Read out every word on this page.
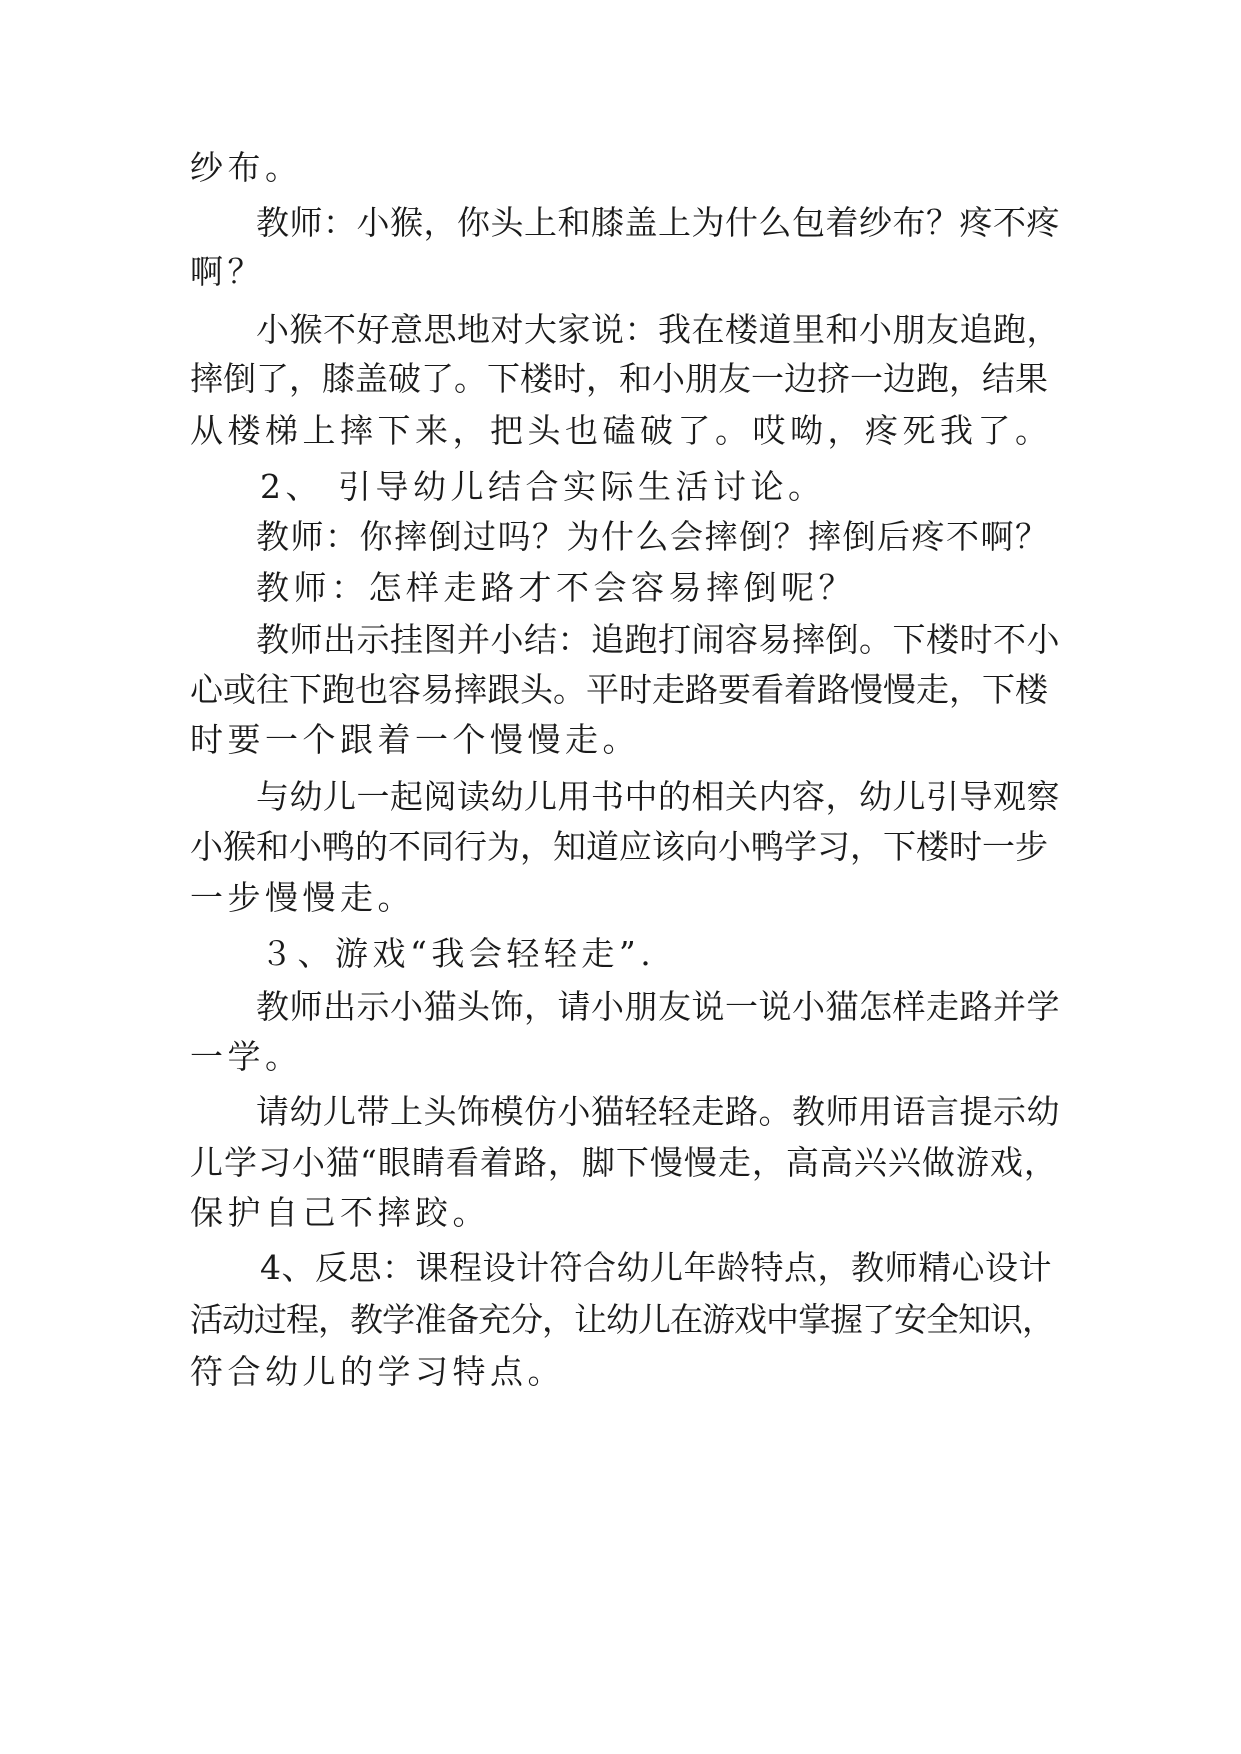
纱布。
教师：小猴，你头上和膝盖上为什么包着纱布？疼不疼
啊？
小猴不好意思地对大家说：我在楼道里和小朋友追跑，
摔倒了，膝盖破了。下楼时，和小朋友一边挤一边跑，结果
从楼梯上摔下来，把头也磕破了。哎呦，疼死我了。
2、 引导幼儿结合实际生活讨论。
教师：你摔倒过吗？为什么会摔倒？摔倒后疼不啊？
教师：怎样走路才不会容易摔倒呢？
教师出示挂图并小结：追跑打闹容易摔倒。下楼时不小
心或往下跑也容易摔跟头。平时走路要看着路慢慢走，下楼
时要一个跟着一个慢慢走。
与幼儿一起阅读幼儿用书中的相关内容，幼儿引导观察
小猴和小鸭的不同行为，知道应该向小鸭学习，下楼时一步
一步慢慢走。
３、游戏“我会轻轻走”.
教师出示小猫头饰，请小朋友说一说小猫怎样走路并学
一学。
请幼儿带上头饰模仿小猫轻轻走路。教师用语言提示幼
儿学习小猫“眼睛看着路，脚下慢慢走，高高兴兴做游戏，
保护自己不摔跤。
4、反思：课程设计符合幼儿年龄特点，教师精心设计
活动过程，教学准备充分，让幼儿在游戏中掌握了安全知识，
符合幼儿的学习特点。
